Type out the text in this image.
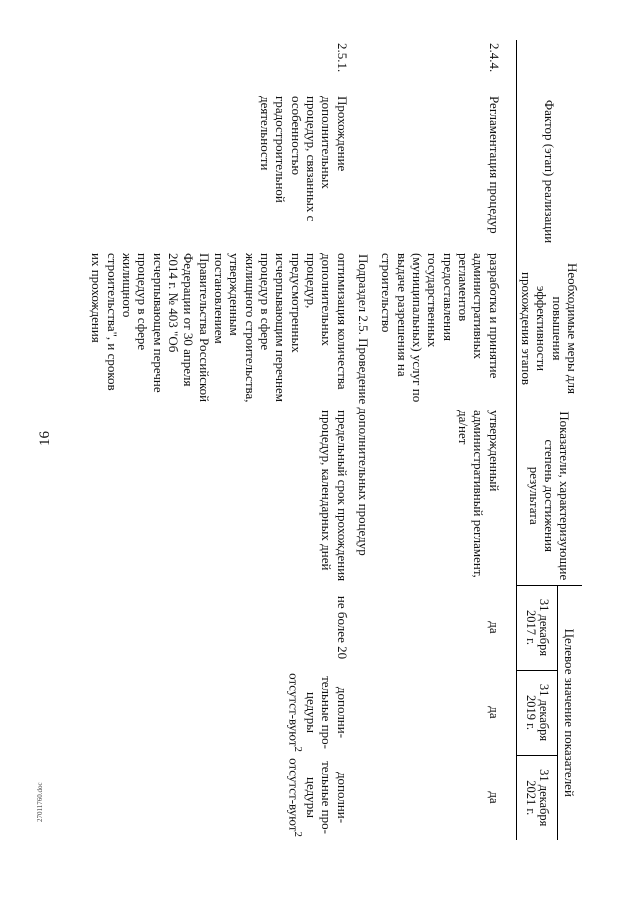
16
27011760.doc
	Фактор (этап) реализации	Необходимые меры для повышения эффективности прохождения этапов	Показатели, характеризующие степень достижения результата	Целевое значение показателей		
				31 декабря 2017 г.	31 декабря 2019 г.	31 декабря 2021 г.
2.4.4.	Регламентация процедур	разработка и принятие административных регламентов предоставления государственных (муниципальных) услуг по выдаче разрешения на строительство	утвержденный административный регламент, да/нет	да	да	да
Подраздел 2.5. Проведение дополнительных процедур						
2.5.1.	Прохождение дополнительных процедур, связанных с особенностью градостроительной деятельности	оптимизация количества дополнительных процедур, предусмотренных исчерпывающим перечнем процедур в сфере жилищного строительства, утвержденным постановлением Правительства Российской Федерации от 30 апреля 2014 г. № 403 "Об исчерпывающем перечне процедур в сфере жилищного строительства", и сроков их прохождения	предельный срок прохождения процедур, календарных дней	не более 20	дополни-тельные про-цедуры отсутст-вуют$^2$	дополни-тельные про-цедуры отсутст-вуют$^2$
